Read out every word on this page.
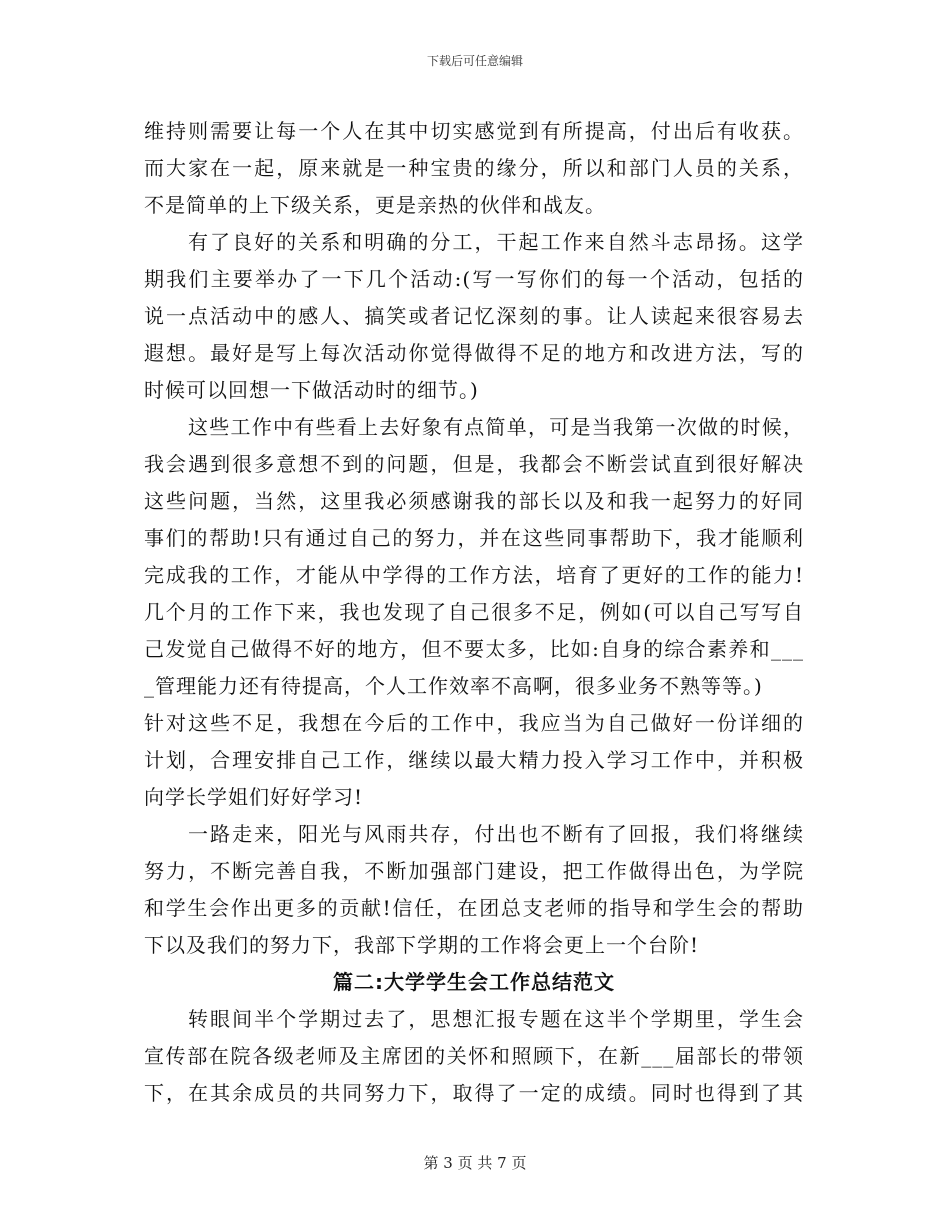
下载后可任意编辑
维持则需要让每一个人在其中切实感觉到有所提高，付出后有收获。
而大家在一起，原来就是一种宝贵的缘分，所以和部门人员的关系，
不是简单的上下级关系，更是亲热的伙伴和战友。
有了良好的关系和明确的分工，干起工作来自然斗志昂扬。这学
期我们主要举办了一下几个活动:(写一写你们的每一个活动，包括的
说一点活动中的感人、搞笑或者记忆深刻的事。让人读起来很容易去
遐想。最好是写上每次活动你觉得做得不足的地方和改进方法，写的
时候可以回想一下做活动时的细节。)
这些工作中有些看上去好象有点简单，可是当我第一次做的时候，
我会遇到很多意想不到的问题，但是，我都会不断尝试直到很好解决
这些问题，当然，这里我必须感谢我的部长以及和我一起努力的好同
事们的帮助!只有通过自己的努力，并在这些同事帮助下，我才能顺利
完成我的工作，才能从中学得的工作方法，培育了更好的工作的能力!
几个月的工作下来，我也发现了自己很多不足，例如(可以自己写写自
己发觉自己做得不好的地方，但不要太多，比如:自身的综合素养和___
_管理能力还有待提高，个人工作效率不高啊，很多业务不熟等等。)
针对这些不足，我想在今后的工作中，我应当为自己做好一份详细的
计划，合理安排自己工作，继续以最大精力投入学习工作中，并积极
向学长学姐们好好学习!
一路走来，阳光与风雨共存，付出也不断有了回报，我们将继续
努力，不断完善自我，不断加强部门建设，把工作做得出色，为学院
和学生会作出更多的贡献!信任，在团总支老师的指导和学生会的帮助
下以及我们的努力下，我部下学期的工作将会更上一个台阶!
篇二:大学学生会工作总结范文
转眼间半个学期过去了，思想汇报专题在这半个学期里，学生会
宣传部在院各级老师及主席团的关怀和照顾下，在新___届部长的带领
下，在其余成员的共同努力下，取得了一定的成绩。同时也得到了其
第 3 页 共 7 页
